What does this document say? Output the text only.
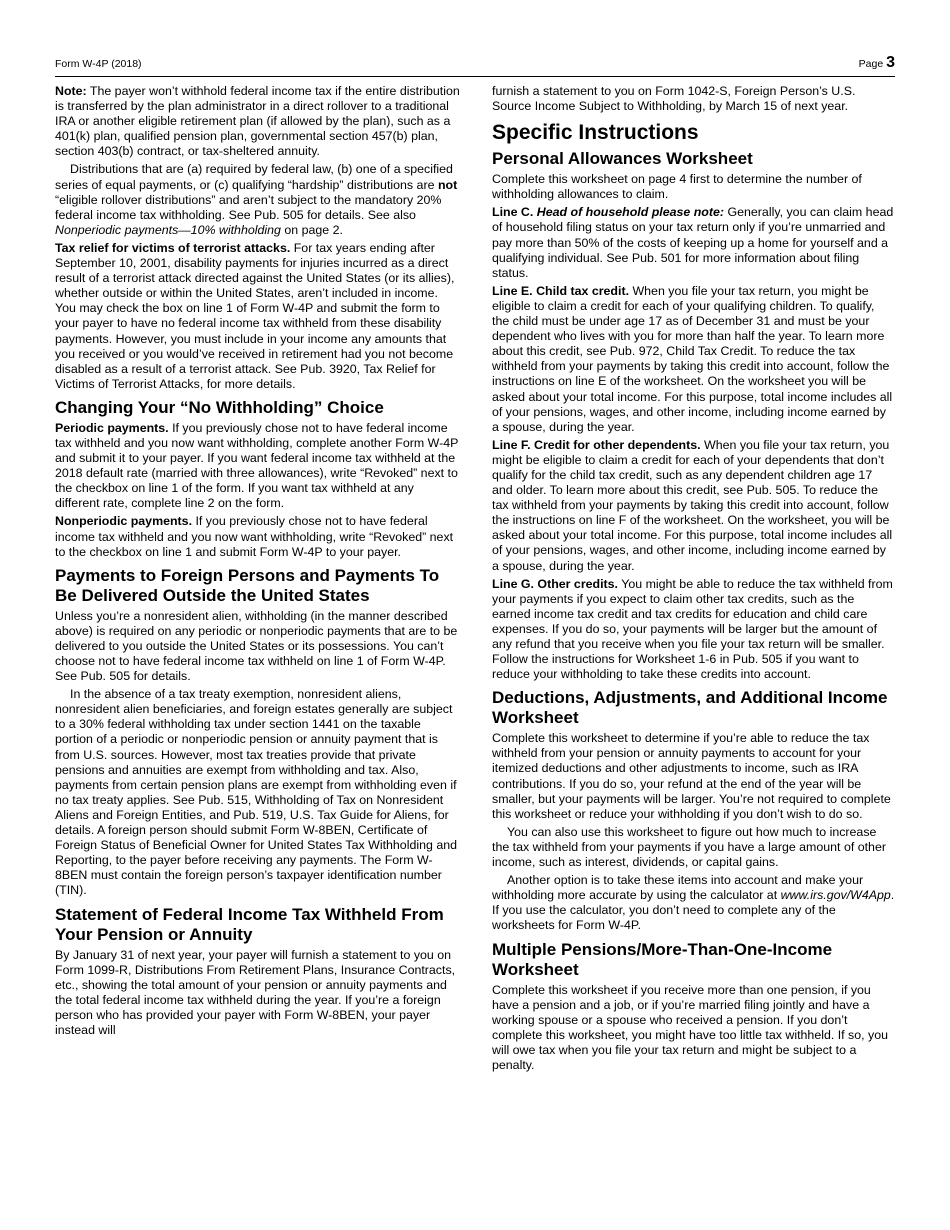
Form W-4P (2018)	Page 3

Note: The payer won’t withhold federal income tax if the entire distribution is transferred by the plan administrator in a direct rollover to a traditional IRA or another eligible retirement plan (if allowed by the plan), such as a 401(k) plan, qualified pension plan, governmental section 457(b) plan, section 403(b) contract, or tax-sheltered annuity.

Distributions that are (a) required by federal law, (b) one of a specified series of equal payments, or (c) qualifying “hardship” distributions are not “eligible rollover distributions” and aren’t subject to the mandatory 20% federal income tax withholding. See Pub. 505 for details. See also Nonperiodic payments—10% withholding on page 2.

Tax relief for victims of terrorist attacks. For tax years ending after September 10, 2001, disability payments for injuries incurred as a direct result of a terrorist attack directed against the United States (or its allies), whether outside or within the United States, aren’t included in income. You may check the box on line 1 of Form W-4P and submit the form to your payer to have no federal income tax withheld from these disability payments. However, you must include in your income any amounts that you received or you would’ve received in retirement had you not become disabled as a result of a terrorist attack. See Pub. 3920, Tax Relief for Victims of Terrorist Attacks, for more details.

Changing Your “No Withholding” Choice

Periodic payments. If you previously chose not to have federal income tax withheld and you now want withholding, complete another Form W-4P and submit it to your payer. If you want federal income tax withheld at the 2018 default rate (married with three allowances), write “Revoked” next to the checkbox on line 1 of the form. If you want tax withheld at any different rate, complete line 2 on the form.

Nonperiodic payments. If you previously chose not to have federal income tax withheld and you now want withholding, write “Revoked” next to the checkbox on line 1 and submit Form W-4P to your payer.

Payments to Foreign Persons and Payments To Be Delivered Outside the United States

Unless you’re a nonresident alien, withholding (in the manner described above) is required on any periodic or nonperiodic payments that are to be delivered to you outside the United States or its possessions. You can’t choose not to have federal income tax withheld on line 1 of Form W-4P. See Pub. 505 for details.

In the absence of a tax treaty exemption, nonresident aliens, nonresident alien beneficiaries, and foreign estates generally are subject to a 30% federal withholding tax under section 1441 on the taxable portion of a periodic or nonperiodic pension or annuity payment that is from U.S. sources. However, most tax treaties provide that private pensions and annuities are exempt from withholding and tax. Also, payments from certain pension plans are exempt from withholding even if no tax treaty applies. See Pub. 515, Withholding of Tax on Nonresident Aliens and Foreign Entities, and Pub. 519, U.S. Tax Guide for Aliens, for details. A foreign person should submit Form W-8BEN, Certificate of Foreign Status of Beneficial Owner for United States Tax Withholding and Reporting, to the payer before receiving any payments. The Form W-8BEN must contain the foreign person’s taxpayer identification number (TIN).

Statement of Federal Income Tax Withheld From Your Pension or Annuity

By January 31 of next year, your payer will furnish a statement to you on Form 1099-R, Distributions From Retirement Plans, Insurance Contracts, etc., showing the total amount of your pension or annuity payments and the total federal income tax withheld during the year. If you’re a foreign person who has provided your payer with Form W-8BEN, your payer instead will

furnish a statement to you on Form 1042-S, Foreign Person’s U.S. Source Income Subject to Withholding, by March 15 of next year.

Specific Instructions
Personal Allowances Worksheet

Complete this worksheet on page 4 first to determine the number of withholding allowances to claim.

Line C. Head of household please note: Generally, you can claim head of household filing status on your tax return only if you’re unmarried and pay more than 50% of the costs of keeping up a home for yourself and a qualifying individual. See Pub. 501 for more information about filing status.

Line E. Child tax credit. When you file your tax return, you might be eligible to claim a credit for each of your qualifying children. To qualify, the child must be under age 17 as of December 31 and must be your dependent who lives with you for more than half the year. To learn more about this credit, see Pub. 972, Child Tax Credit. To reduce the tax withheld from your payments by taking this credit into account, follow the instructions on line E of the worksheet. On the worksheet you will be asked about your total income. For this purpose, total income includes all of your pensions, wages, and other income, including income earned by a spouse, during the year.

Line F. Credit for other dependents. When you file your tax return, you might be eligible to claim a credit for each of your dependents that don’t qualify for the child tax credit, such as any dependent children age 17 and older. To learn more about this credit, see Pub. 505. To reduce the tax withheld from your payments by taking this credit into account, follow the instructions on line F of the worksheet. On the worksheet, you will be asked about your total income. For this purpose, total income includes all of your pensions, wages, and other income, including income earned by a spouse, during the year.

Line G. Other credits. You might be able to reduce the tax withheld from your payments if you expect to claim other tax credits, such as the earned income tax credit and tax credits for education and child care expenses. If you do so, your payments will be larger but the amount of any refund that you receive when you file your tax return will be smaller. Follow the instructions for Worksheet 1-6 in Pub. 505 if you want to reduce your withholding to take these credits into account.

Deductions, Adjustments, and Additional Income Worksheet

Complete this worksheet to determine if you’re able to reduce the tax withheld from your pension or annuity payments to account for your itemized deductions and other adjustments to income, such as IRA contributions. If you do so, your refund at the end of the year will be smaller, but your payments will be larger. You’re not required to complete this worksheet or reduce your withholding if you don’t wish to do so.

You can also use this worksheet to figure out how much to increase the tax withheld from your payments if you have a large amount of other income, such as interest, dividends, or capital gains.

Another option is to take these items into account and make your withholding more accurate by using the calculator at www.irs.gov/W4App. If you use the calculator, you don’t need to complete any of the worksheets for Form W-4P.

Multiple Pensions/More-Than-One-Income Worksheet

Complete this worksheet if you receive more than one pension, if you have a pension and a job, or if you’re married filing jointly and have a working spouse or a spouse who received a pension. If you don’t complete this worksheet, you might have too little tax withheld. If so, you will owe tax when you file your tax return and might be subject to a penalty.
